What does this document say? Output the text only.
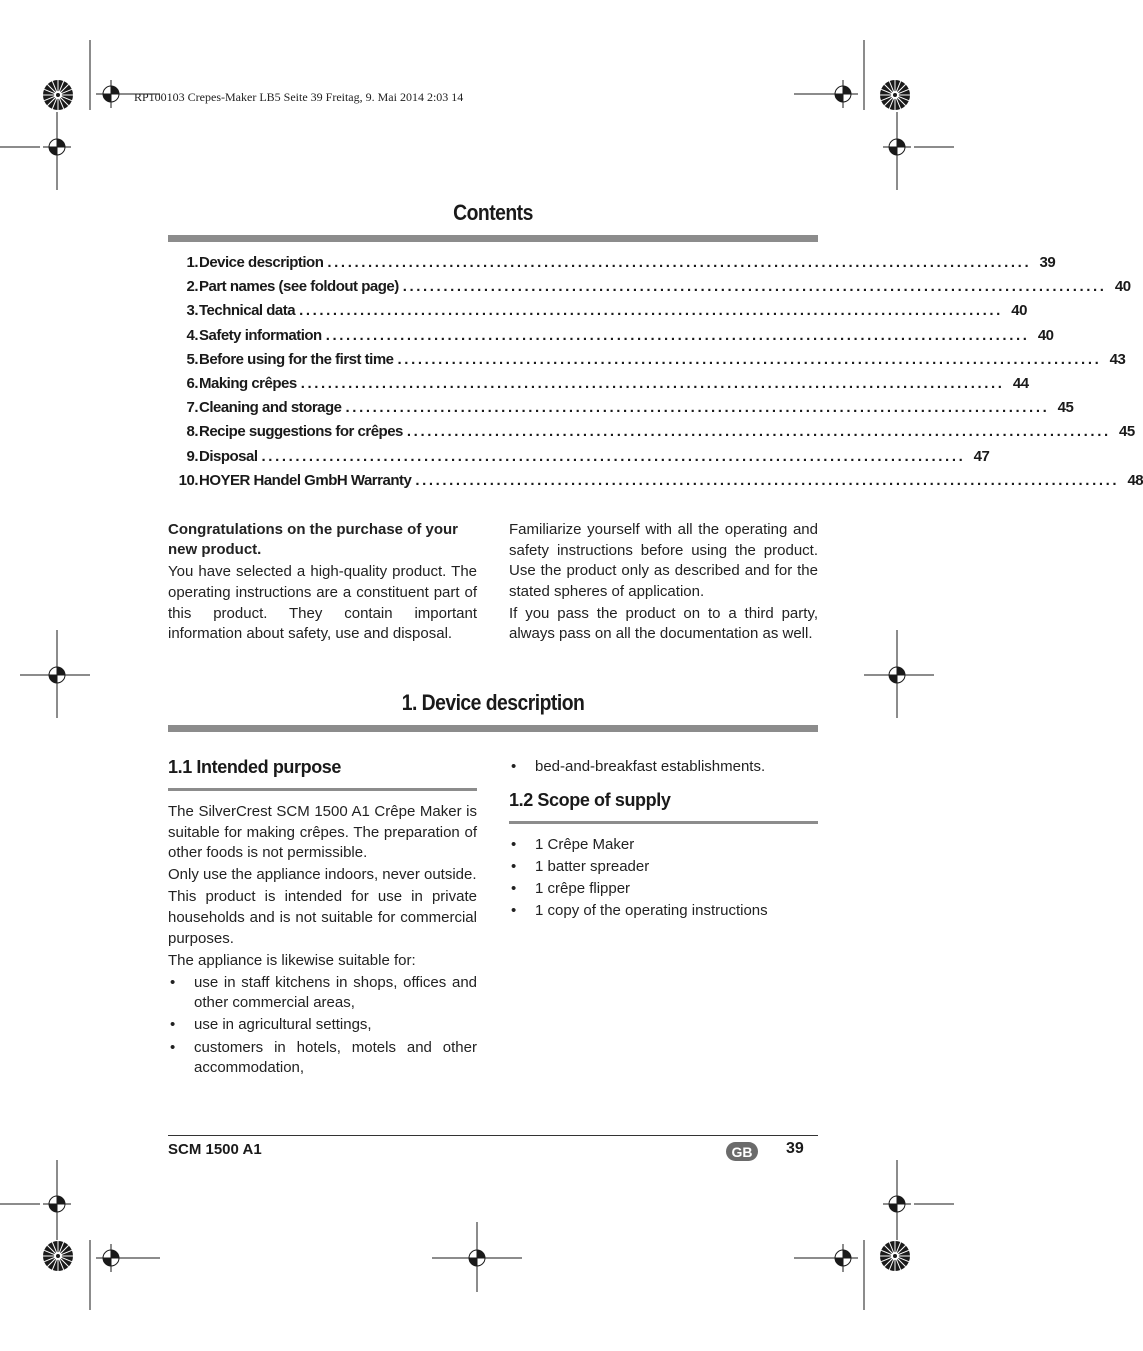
RP100103 Crepes-Maker LB5 Seite 39 Freitag, 9. Mai 2014 2:03 14
Contents
1. Device description ........................................................................................................ 39
2. Part names (see foldout page) ........................................................................................................ 40
3. Technical data ........................................................................................................ 40
4. Safety information ........................................................................................................ 40
5. Before using for the first time ........................................................................................................ 43
6. Making crêpes ........................................................................................................ 44
7. Cleaning and storage ........................................................................................................ 45
8. Recipe suggestions for crêpes ........................................................................................................ 45
9. Disposal ........................................................................................................ 47
10. HOYER Handel GmbH Warranty ........................................................................................................ 48

Congratulations on the purchase of your new product.

You have selected a high-quality product. The operating instructions are a constituent part of this product. They contain important information about safety, use and disposal.

Familiarize yourself with all the operating and safety instructions before using the product. Use the product only as described and for the stated spheres of application.

If you pass the product on to a third party, always pass on all the documentation as well.

1. Device description
1.1 Intended purpose

The SilverCrest SCM 1500 A1 Crêpe Maker is suitable for making crêpes. The preparation of other foods is not permissible.

Only use the appliance indoors, never outside.

This product is intended for use in private households and is not suitable for commercial purposes.

The appliance is likewise suitable for:

• use in staff kitchens in shops, offices and other commercial areas,
• use in agricultural settings,
• customers in hotels, motels and other accommodation,
• bed-and-breakfast establishments.
1.2 Scope of supply
• 1 Crêpe Maker
• 1 batter spreader
• 1 crêpe flipper
• 1 copy of the operating instructions
SCM 1500 A1	GB	39
